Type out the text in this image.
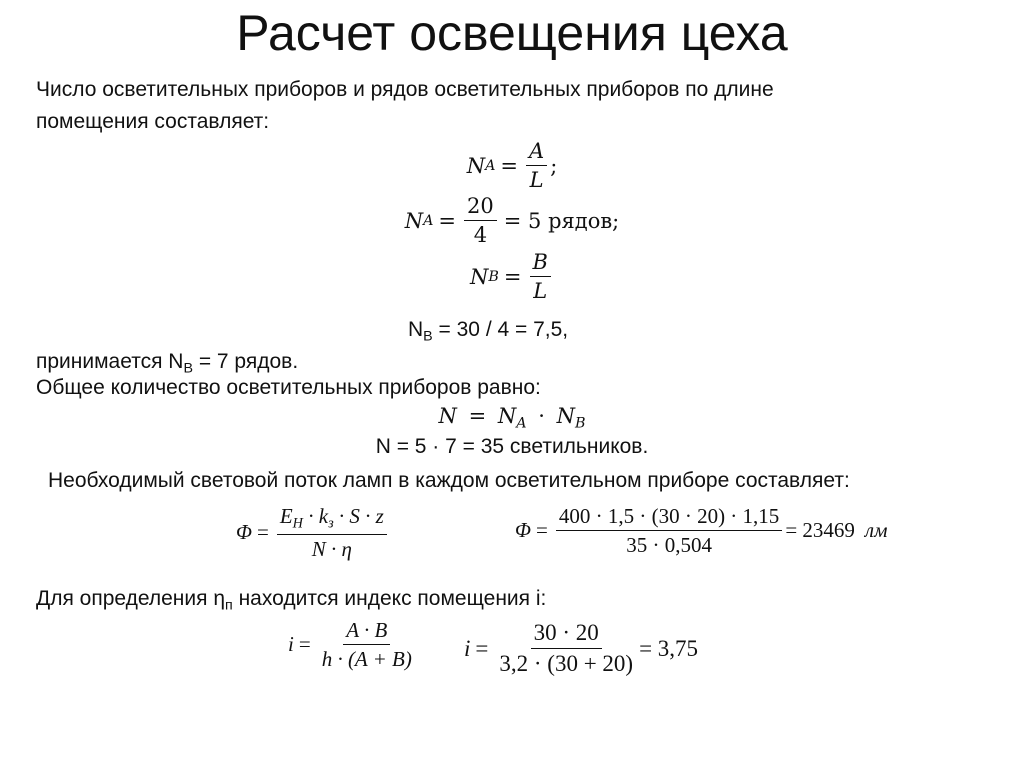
Расчет освещения цеха
Число осветительных приборов и рядов осветительных приборов по длине
помещения составляет:
N $A = \frac{A}{L}$ ;
N $A = \frac{20}{4} = 5$ рядов;
N $B = \frac{B}{L}$
$N_B = 30 / 4 = 7,5$,
принимается $N_B = 7$ рядов.
Общее количество осветительных приборов равно:
$N = N_A \cdot N_B$
N = 5 · 7 = 35 светильников.
Необходимый световой поток ламп в каждом осветительном приборе составляет:
$\Phi = \frac{E_Н \cdot k_з \cdot S \cdot z}{N \cdot \eta}$	$\Phi = \frac{400 \cdot 1,5 \cdot (30 \cdot 20) \cdot 1,15}{35 \cdot 0,504} = 23469$ лм
Для определения $\eta_п$ находится индекс помещения i:
$i = \frac{A \cdot B}{h \cdot (A + B)}$ $i = \frac{30 \cdot 20}{3,2 \cdot (30 + 20)} = 3,75$
